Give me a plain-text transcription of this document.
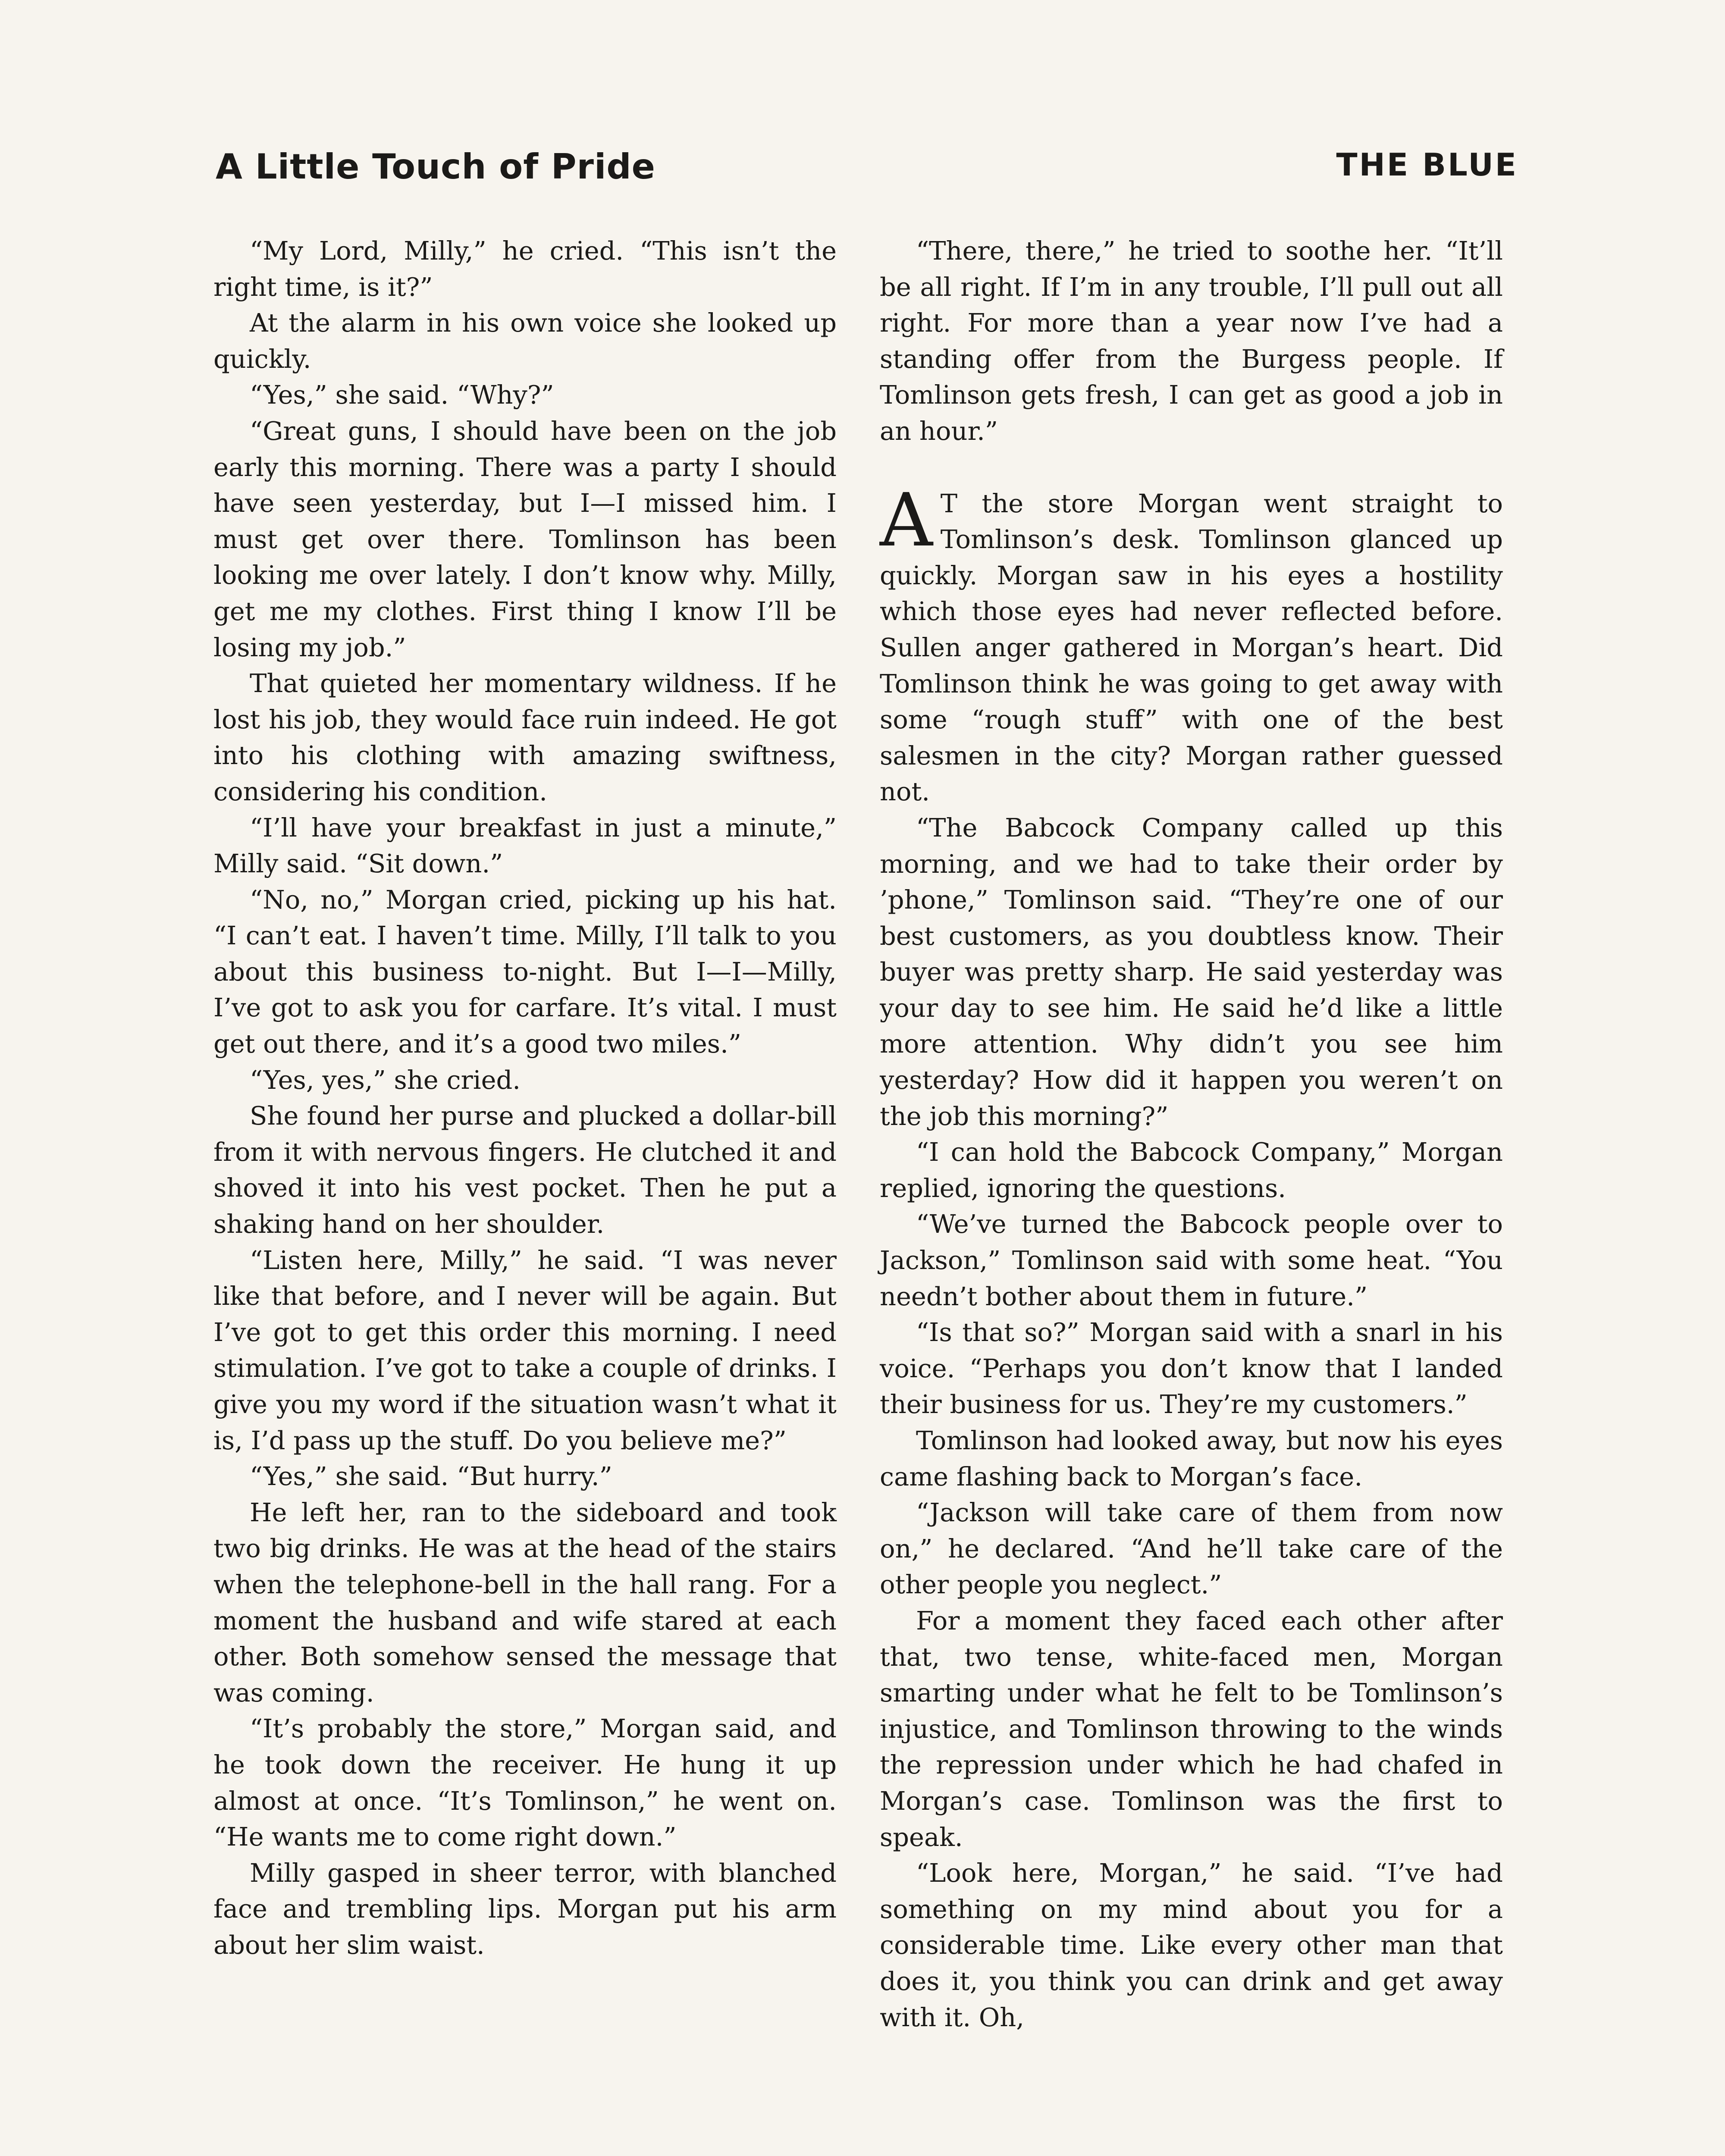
A Little Touch of Pride	THE BLUE

“My Lord, Milly,” he cried. “This isn’t the right time, is it?”

At the alarm in his own voice she looked up quickly.

“Yes,” she said. “Why?”

“Great guns, I should have been on the job early this morning. There was a party I should have seen yesterday, but I—I missed him. I must get over there. Tomlinson has been looking me over lately. I don’t know why. Milly, get me my clothes. First thing I know I’ll be losing my job.”

That quieted her momentary wildness. If he lost his job, they would face ruin indeed. He got into his clothing with amazing swiftness, considering his condition.

“I’ll have your breakfast in just a minute,” Milly said. “Sit down.”

“No, no,” Morgan cried, picking up his hat. “I can’t eat. I haven’t time. Milly, I’ll talk to you about this business to-night. But I—I—Milly, I’ve got to ask you for carfare. It’s vital. I must get out there, and it’s a good two miles.”

“Yes, yes,” she cried.

She found her purse and plucked a dollar-bill from it with nervous fingers. He clutched it and shoved it into his vest pocket. Then he put a shaking hand on her shoulder.

“Listen here, Milly,” he said. “I was never like that before, and I never will be again. But I’ve got to get this order this morning. I need stimulation. I’ve got to take a couple of drinks. I give you my word if the situation wasn’t what it is, I’d pass up the stuff. Do you believe me?”

“Yes,” she said. “But hurry.”

He left her, ran to the sideboard and took two big drinks. He was at the head of the stairs when the telephone-bell in the hall rang. For a moment the husband and wife stared at each other. Both somehow sensed the message that was coming.

“It’s probably the store,” Morgan said, and he took down the receiver. He hung it up almost at once. “It’s Tomlinson,” he went on. “He wants me to come right down.”

Milly gasped in sheer terror, with blanched face and trembling lips. Morgan put his arm about her slim waist.

“There, there,” he tried to soothe her. “It’ll be all right. If I’m in any trouble, I’ll pull out all right. For more than a year now I’ve had a standing offer from the Burgess people. If Tomlinson gets fresh, I can get as good a job in an hour.”

A T the store Morgan went straight to Tomlinson’s desk. Tomlinson glanced up quickly. Morgan saw in his eyes a hostility which those eyes had never reflected before. Sullen anger gathered in Morgan’s heart. Did Tomlinson think he was going to get away with some “rough stuff” with one of the best salesmen in the city? Morgan rather guessed not.

“The Babcock Company called up this morning, and we had to take their order by ’phone,” Tomlinson said. “They’re one of our best customers, as you doubtless know. Their buyer was pretty sharp. He said yesterday was your day to see him. He said he’d like a little more attention. Why didn’t you see him yesterday? How did it happen you weren’t on the job this morning?”

“I can hold the Babcock Company,” Morgan replied, ignoring the questions.

“We’ve turned the Babcock people over to Jackson,” Tomlinson said with some heat. “You needn’t bother about them in future.”

“Is that so?” Morgan said with a snarl in his voice. “Perhaps you don’t know that I landed their business for us. They’re my customers.”

Tomlinson had looked away, but now his eyes came flashing back to Morgan’s face.

“Jackson will take care of them from now on,” he declared. “And he’ll take care of the other people you neglect.”

For a moment they faced each other after that, two tense, white-faced men, Morgan smarting under what he felt to be Tomlinson’s injustice, and Tomlinson throwing to the winds the repression under which he had chafed in Morgan’s case. Tomlinson was the first to speak.

“Look here, Morgan,” he said. “I’ve had something on my mind about you for a considerable time. Like every other man that does it, you think you can drink and get away with it. Oh,
